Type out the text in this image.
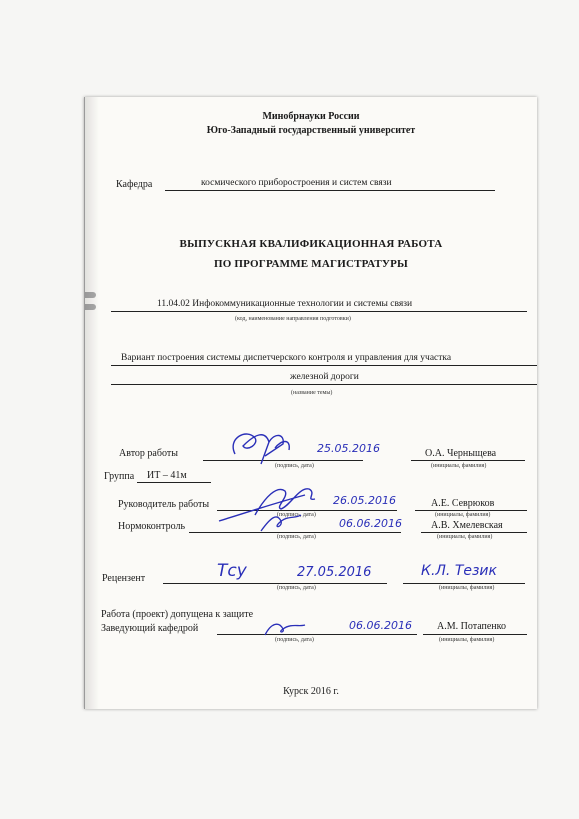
Минобрнауки России
Юго-Западный государственный университет
Кафедра	космического приборостроения и систем связи
ВЫПУСКНАЯ КВАЛИФИКАЦИОННАЯ РАБОТА
ПО ПРОГРАММЕ МАГИСТРАТУРЫ
11.04.02 Инфокоммуникационные технологии и системы связи
(код, наименование направления подготовки)
Вариант построения системы диспетчерского контроля и управления для участка
железной дороги
(название темы)
Автор работы	25.05.2016	О.А. Черныщева
(подпись, дата)	(инициалы, фамилия)
Группа ИТ – 41м
Руководитель работы	26.05.2016	А.Е. Севрюков
(подпись, дата)	(инициалы, фамилия)
Нормоконтроль	06.06.2016	А.В. Хмелевская
(подпись, дата)	(инициалы, фамилия)
Рецензент	Тсу	27.05.2016	К.Л. Тезик
(подпись, дата)	(инициалы, фамилия)
Работа (проект) допущена к защите
Заведующий кафедрой	06.06.2016	А.М. Потапенко
(подпись, дата)	(инициалы, фамилия)
Курск 2016 г.
